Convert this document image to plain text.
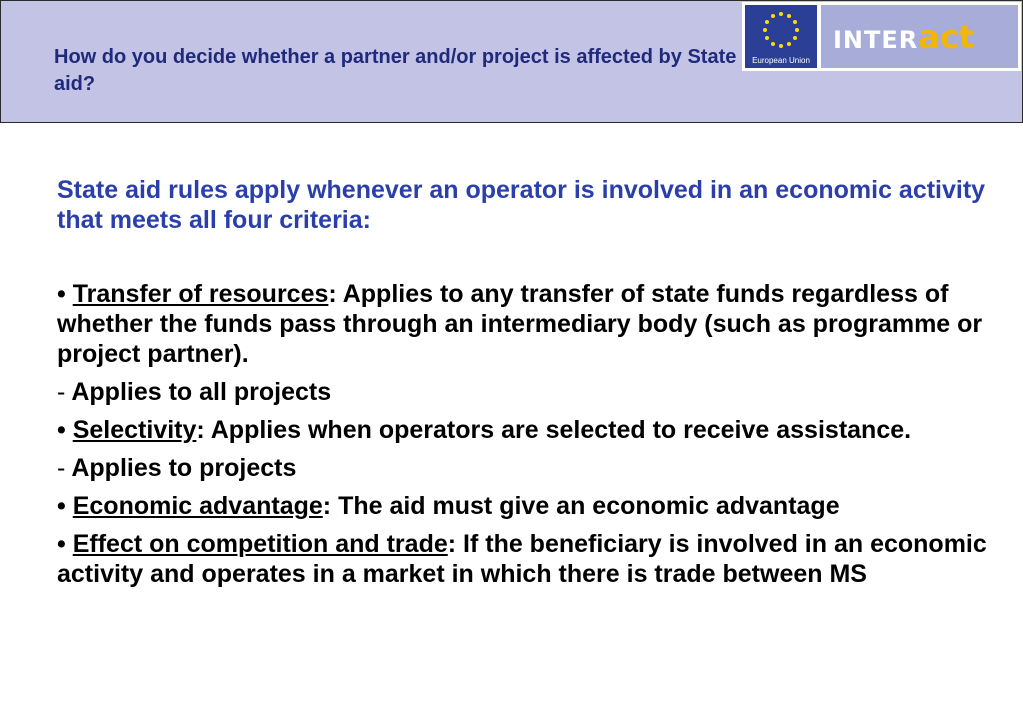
How do you decide whether a partner and/or project is affected by State aid?
European Union
INTERact

State aid rules apply whenever an operator is involved in an economic activity that meets all four criteria:

• Transfer of resources: Applies to any transfer of state funds regardless of whether the funds pass through an intermediary body (such as programme or project partner).

- Applies to all projects

• Selectivity: Applies when operators are selected to receive assistance.

- Applies to projects

• Economic advantage: The aid must give an economic advantage

• Effect on competition and trade: If the beneficiary is involved in an economic activity and operates in a market in which there is trade between MS
